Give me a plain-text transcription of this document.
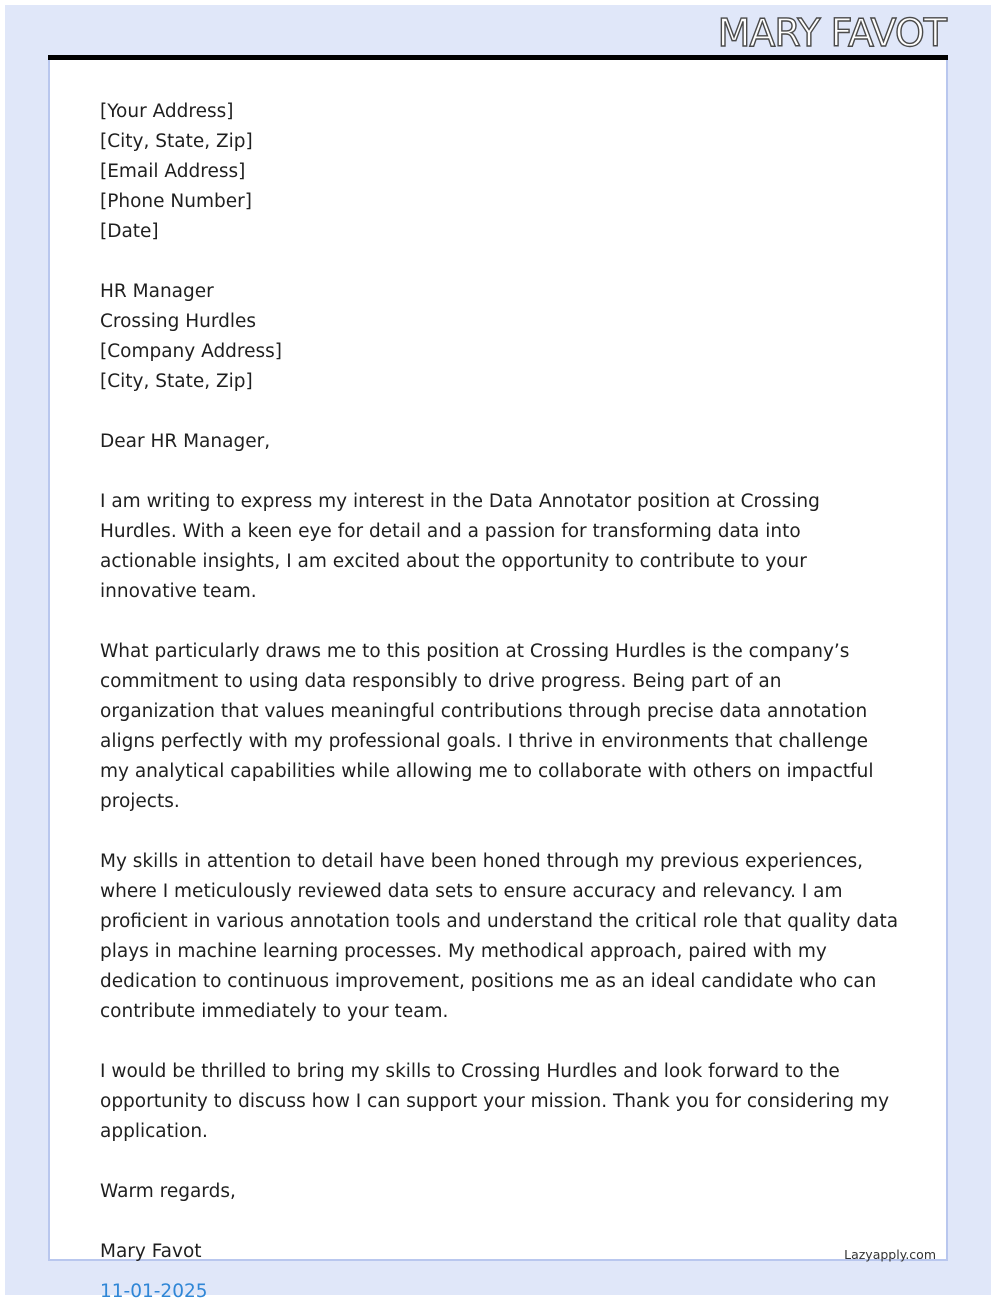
MARY FAVOT
[Your Address]
[City, State, Zip]
[Email Address]
[Phone Number]
[Date]
HR Manager
Crossing Hurdles
[Company Address]
[City, State, Zip]
Dear HR Manager,

I am writing to express my interest in the Data Annotator position at Crossing Hurdles. With a keen eye for detail and a passion for transforming data into actionable insights, I am excited about the opportunity to contribute to your innovative team.

What particularly draws me to this position at Crossing Hurdles is the company’s commitment to using data responsibly to drive progress. Being part of an organization that values meaningful contributions through precise data annotation aligns perfectly with my professional goals. I thrive in environments that challenge my analytical capabilities while allowing me to collaborate with others on impactful projects.

My skills in attention to detail have been honed through my previous experiences, where I meticulously reviewed data sets to ensure accuracy and relevancy. I am proficient in various annotation tools and understand the critical role that quality data plays in machine learning processes. My methodical approach, paired with my dedication to continuous improvement, positions me as an ideal candidate who can contribute immediately to your team.

I would be thrilled to bring my skills to Crossing Hurdles and look forward to the opportunity to discuss how I can support your mission. Thank you for considering my application.

Warm regards,
Mary Favot
11-01-2025
Lazyapply.com
